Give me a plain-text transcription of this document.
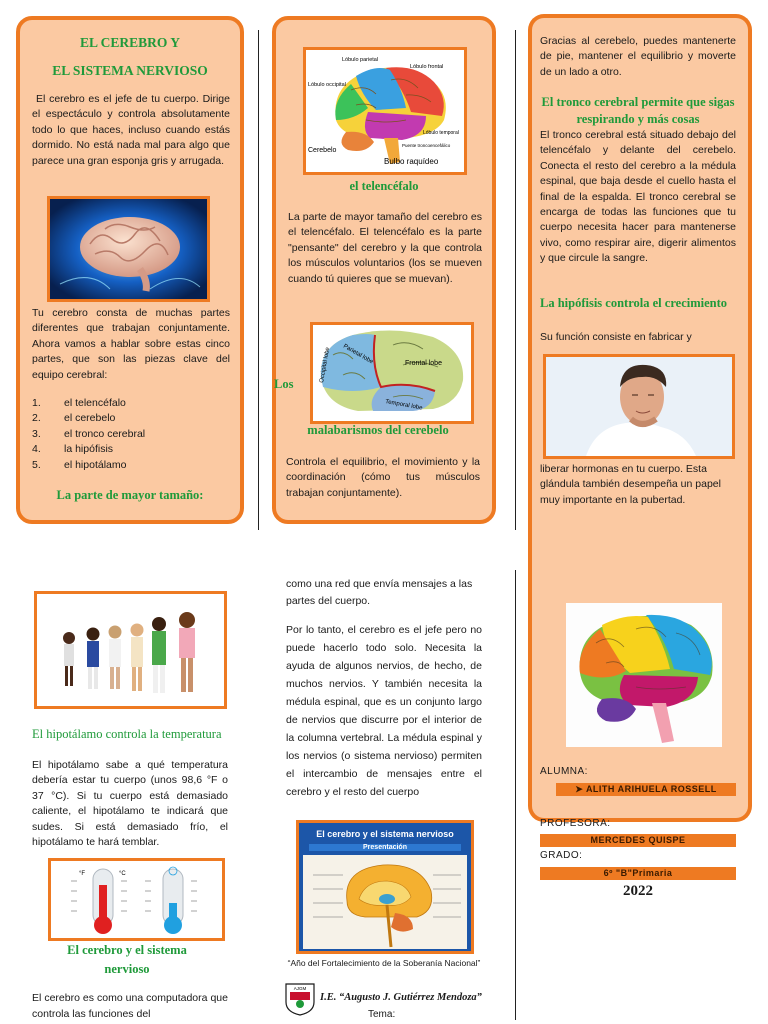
EL CEREBRO Y
EL SISTEMA NERVIOSO
El cerebro es el jefe de tu cuerpo. Dirige el espectáculo y controla absolutamente todo lo que haces, incluso cuando estás dormido. No está nada mal para algo que parece una gran esponja gris y arrugada.
Tu cerebro consta de muchas partes diferentes que trabajan conjuntamente. Ahora vamos a hablar sobre estas cinco partes, que son las piezas clave del equipo cerebral:
1. el telencéfalo
2. el cerebelo
3. el tronco cerebral
4. la hipófisis
5. el hipotálamo
La parte de mayor tamaño:
Lóbulo parietal
Lóbulo frontal
Lóbulo occipital
Lóbulo temporal
Puente troncoencefálico
Cerebelo
Bulbo raquídeo
el telencéfalo
La parte de mayor tamaño del cerebro es el telencéfalo. El telencéfalo es la parte "pensante" del cerebro y la que controla los músculos voluntarios (los se mueven cuando tú quieres que se muevan).
Frontal lobe
Parietal lobe
Occipital lobe
Temporal lobe
Los
malabarismos del cerebelo
Controla el equilibrio, el movimiento y la coordinación (cómo tus músculos trabajan conjuntamente).
Gracias al cerebelo, puedes mantenerte de pie, mantener el equilibrio y moverte de un lado a otro.
El tronco cerebral permite que sigas respirando y más cosas
El tronco cerebral está situado debajo del telencéfalo y delante del cerebelo. Conecta el resto del cerebro a la médula espinal, que baja desde el cuello hasta el final de la espalda. El tronco cerebral se encarga de todas las funciones que tu cuerpo necesita hacer para mantenerse vivo, como respirar aire, digerir alimentos y que circule la sangre.
La hipófisis controla el crecimiento
Su función consiste en fabricar y
liberar hormonas en tu cuerpo. Esta glándula también desempeña un papel muy importante en la pubertad.
El hipotálamo controla la temperatura
El hipotálamo sabe a qué temperatura debería estar tu cuerpo (unos 98,6 °F o 37 °C). Si tu cuerpo está demasiado caliente, el hipotálamo te indicará que sudes. Si está demasiado frío, el hipotálamo te hará temblar.
°F	°C
El cerebro y el sistema nervioso
El cerebro es como una computadora que controla las funciones del
como una red que envía mensajes a las partes del cuerpo.
Por lo tanto, el cerebro es el jefe pero no puede hacerlo todo solo. Necesita la ayuda de algunos nervios, de hecho, de muchos nervios. Y también necesita la médula espinal, que es un conjunto largo de nervios que discurre por el interior de la columna vertebral. La médula espinal y los nervios (o sistema nervioso) permiten el intercambio de mensajes entre el cerebro y el resto del cuerpo
El cerebro y el sistema nervioso
Presentación
“Año del Fortalecimiento de la Soberanía Nacional”
AJGM
I.E. “Augusto J. Gutiérrez Mendoza”
Tema:
ALUMNA:
➤ ALITH ARIHUELA ROSSELL
PROFESORA:
MERCEDES QUISPE
GRADO:
6º "B"Primaria
2022
